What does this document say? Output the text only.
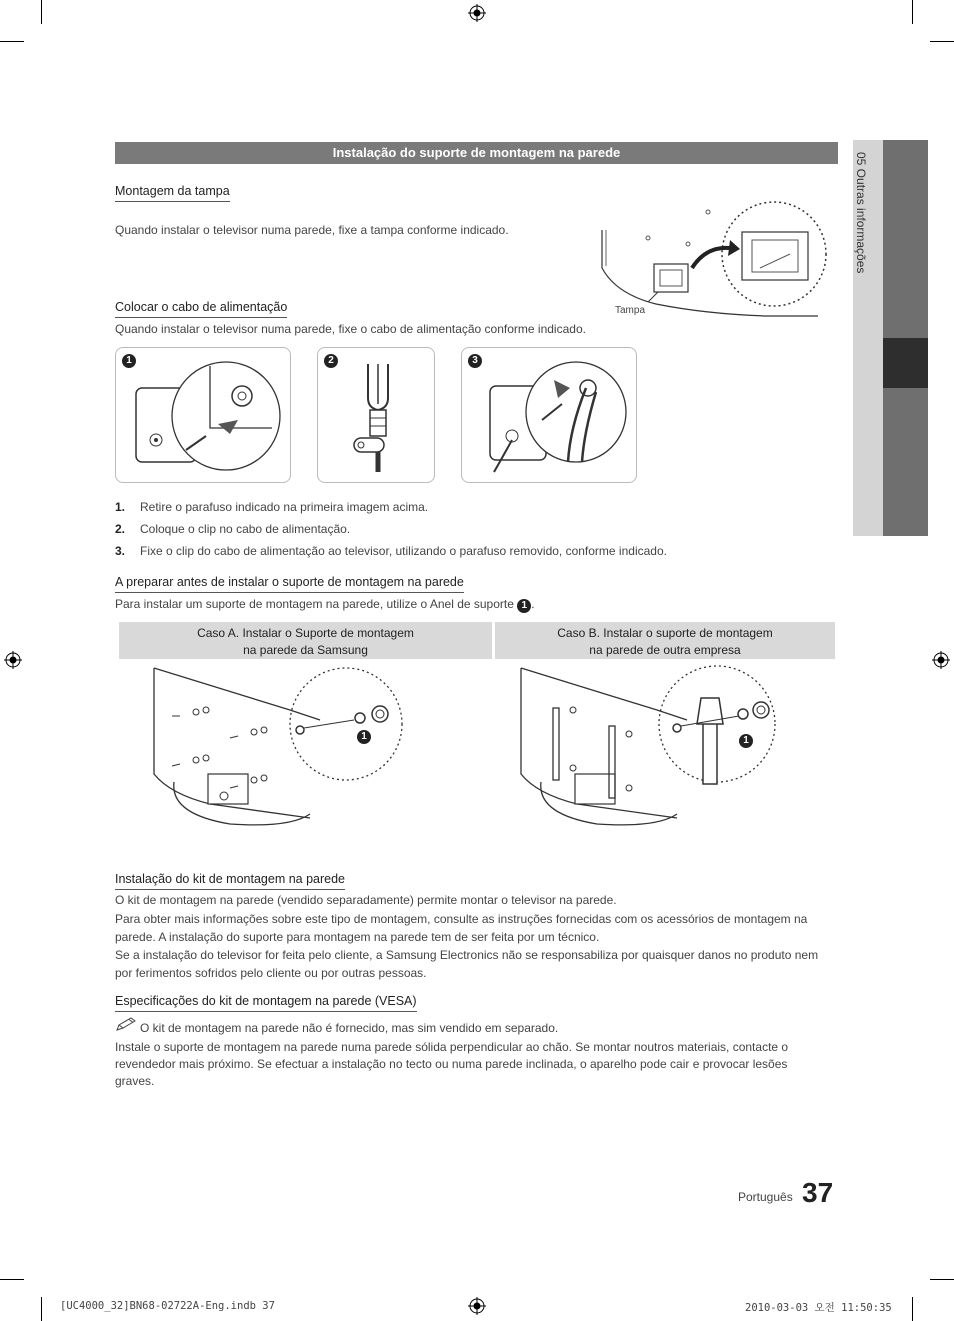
05 Outras informações
Instalação do suporte de montagem na parede
Montagem da tampa
Quando instalar o televisor numa parede, fixe a tampa conforme indicado.
Tampa
Colocar o cabo de alimentação
Quando instalar o televisor numa parede, fixe o cabo de alimentação conforme indicado.
1	2	3
1. Retire o parafuso indicado na primeira imagem acima.
2. Coloque o clip no cabo de alimentação.
3. Fixe o clip do cabo de alimentação ao televisor, utilizando o parafuso removido, conforme indicado.
A preparar antes de instalar o suporte de montagem na parede
Para instalar um suporte de montagem na parede, utilize o Anel de suporte 1 .
Caso A. Instalar o Suporte de montagem
na parede da Samsung
Caso B. Instalar o suporte de montagem
na parede de outra empresa
1	1
Instalação do kit de montagem na parede
O kit de montagem na parede (vendido separadamente) permite montar o televisor na parede.
Para obter mais informações sobre este tipo de montagem, consulte as instruções fornecidas com os acessórios de montagem na
parede. A instalação do suporte para montagem na parede tem de ser feita por um técnico.
Se a instalação do televisor for feita pelo cliente, a Samsung Electronics não se responsabiliza por quaisquer danos no produto nem
por ferimentos sofridos pelo cliente ou por outras pessoas.
Especificações do kit de montagem na parede (VESA)
O kit de montagem na parede não é fornecido, mas sim vendido em separado.
Instale o suporte de montagem na parede numa parede sólida perpendicular ao chão. Se montar noutros materiais, contacte o
revendedor mais próximo. Se efectuar a instalação no tecto ou numa parede inclinada, o aparelho pode cair e provocar lesões
graves.
Português 37
[UC4000_32]BN68-02722A-Eng.indb 37	2010-03-03 오전 11:50:35
